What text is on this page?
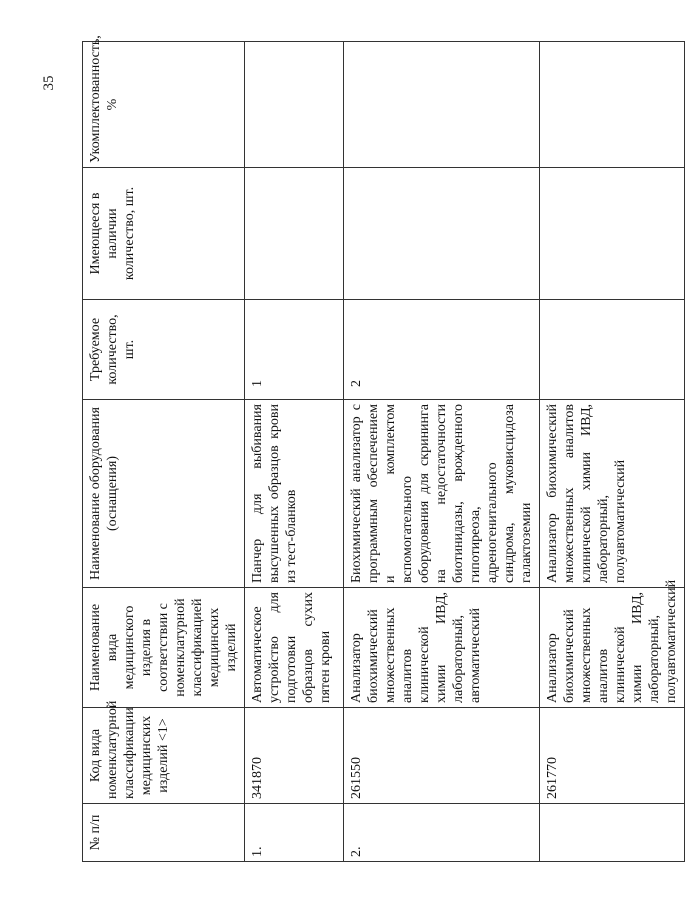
35
№ п/п	Код вида номенклатурной классификации медицинских изделий <1>	Наименование вида медицинского изделия в соответствии с номенклатурной классификацией медицинских изделий	Наименование оборудования (оснащения)	Требуемое количество, шт.	Имеющееся в наличии количество, шт.	Укомплектованность, %
1.	341870	Автоматическое устройство для подготовки образцов сухих пятен крови	Панчер для выбивания высушенных образцов крови из тест-бланков	1		
2.	261550	Анализатор биохимический множественных аналитов клинической химии ИВД, лабораторный, автоматический	Биохимический анализатор с программным обеспечением и комплектом вспомогательного оборудования для скрининга на недостаточности биотинидазы, врожденного гипотиреоза, адреногенитального синдрома, муковисцидоза галактоземии	2		
	261770	Анализатор биохимический множественных аналитов клинической химии ИВД, лабораторный, полуавтоматический	Анализатор биохимический множественных аналитов клинической химии ИВД, лабораторный, полуавтоматический			
